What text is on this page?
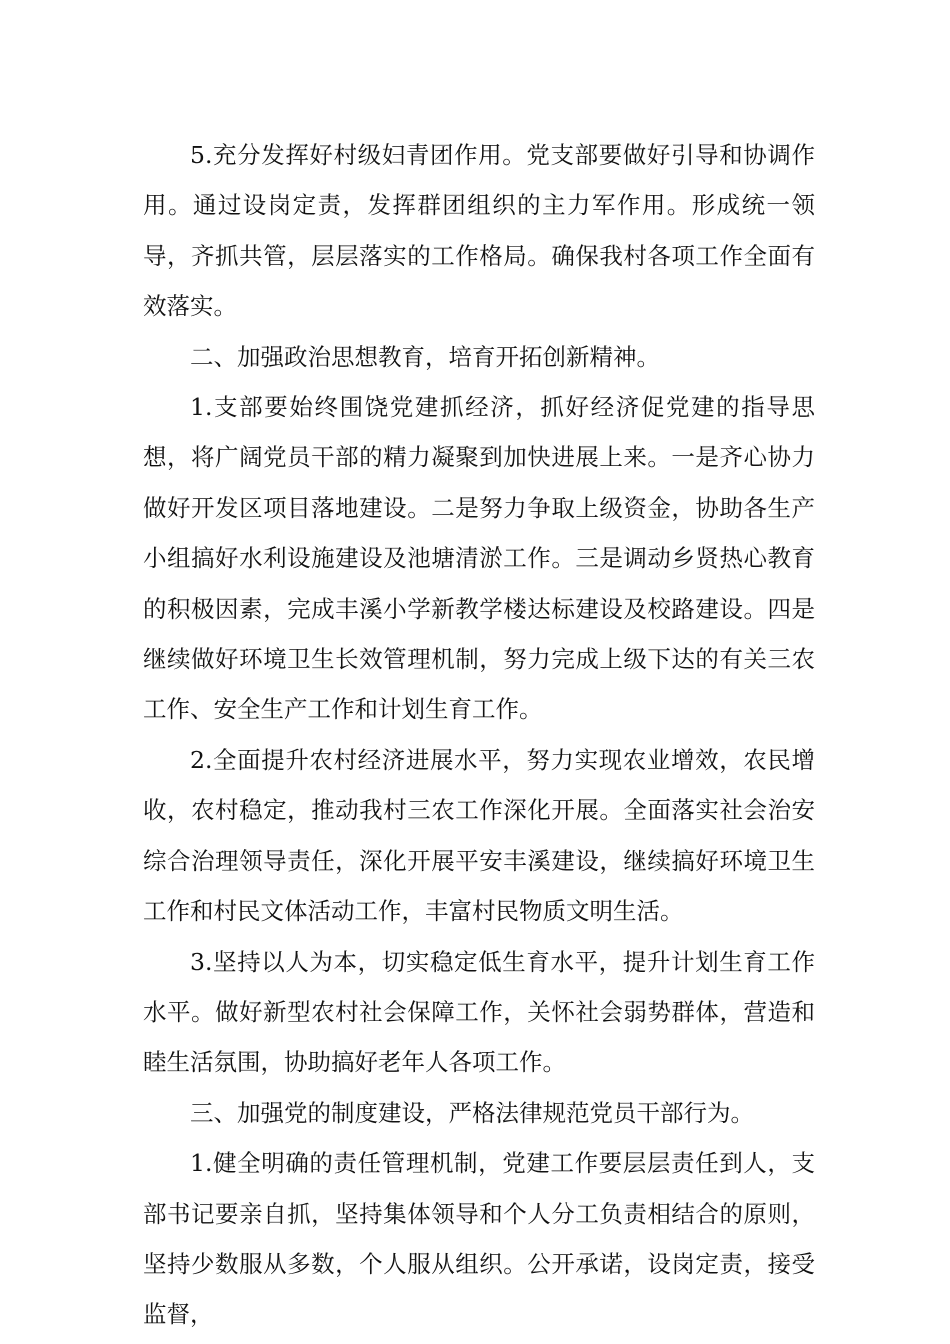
5.充分发挥好村级妇青团作用。党支部要做好引导和协调作用。通过设岗定责，发挥群团组织的主力军作用。形成统一领导，齐抓共管，层层落实的工作格局。确保我村各项工作全面有效落实。

二、加强政治思想教育，培育开拓创新精神。

1.支部要始终围饶党建抓经济，抓好经济促党建的指导思想，将广阔党员干部的精力凝聚到加快进展上来。一是齐心协力做好开发区项目落地建设。二是努力争取上级资金，协助各生产小组搞好水利设施建设及池塘清淤工作。三是调动乡贤热心教育的积极因素，完成丰溪小学新教学楼达标建设及校路建设。四是继续做好环境卫生长效管理机制，努力完成上级下达的有关三农工作、安全生产工作和计划生育工作。

2.全面提升农村经济进展水平，努力实现农业增效，农民增收，农村稳定，推动我村三农工作深化开展。全面落实社会治安综合治理领导责任，深化开展平安丰溪建设，继续搞好环境卫生工作和村民文体活动工作，丰富村民物质文明生活。

3.坚持以人为本，切实稳定低生育水平，提升计划生育工作水平。做好新型农村社会保障工作，关怀社会弱势群体，营造和睦生活氛围，协助搞好老年人各项工作。

三、加强党的制度建设，严格法律规范党员干部行为。

1.健全明确的责任管理机制，党建工作要层层责任到人，支部书记要亲自抓，坚持集体领导和个人分工负责相结合的原则，坚持少数服从多数，个人服从组织。公开承诺，设岗定责，接受监督，
